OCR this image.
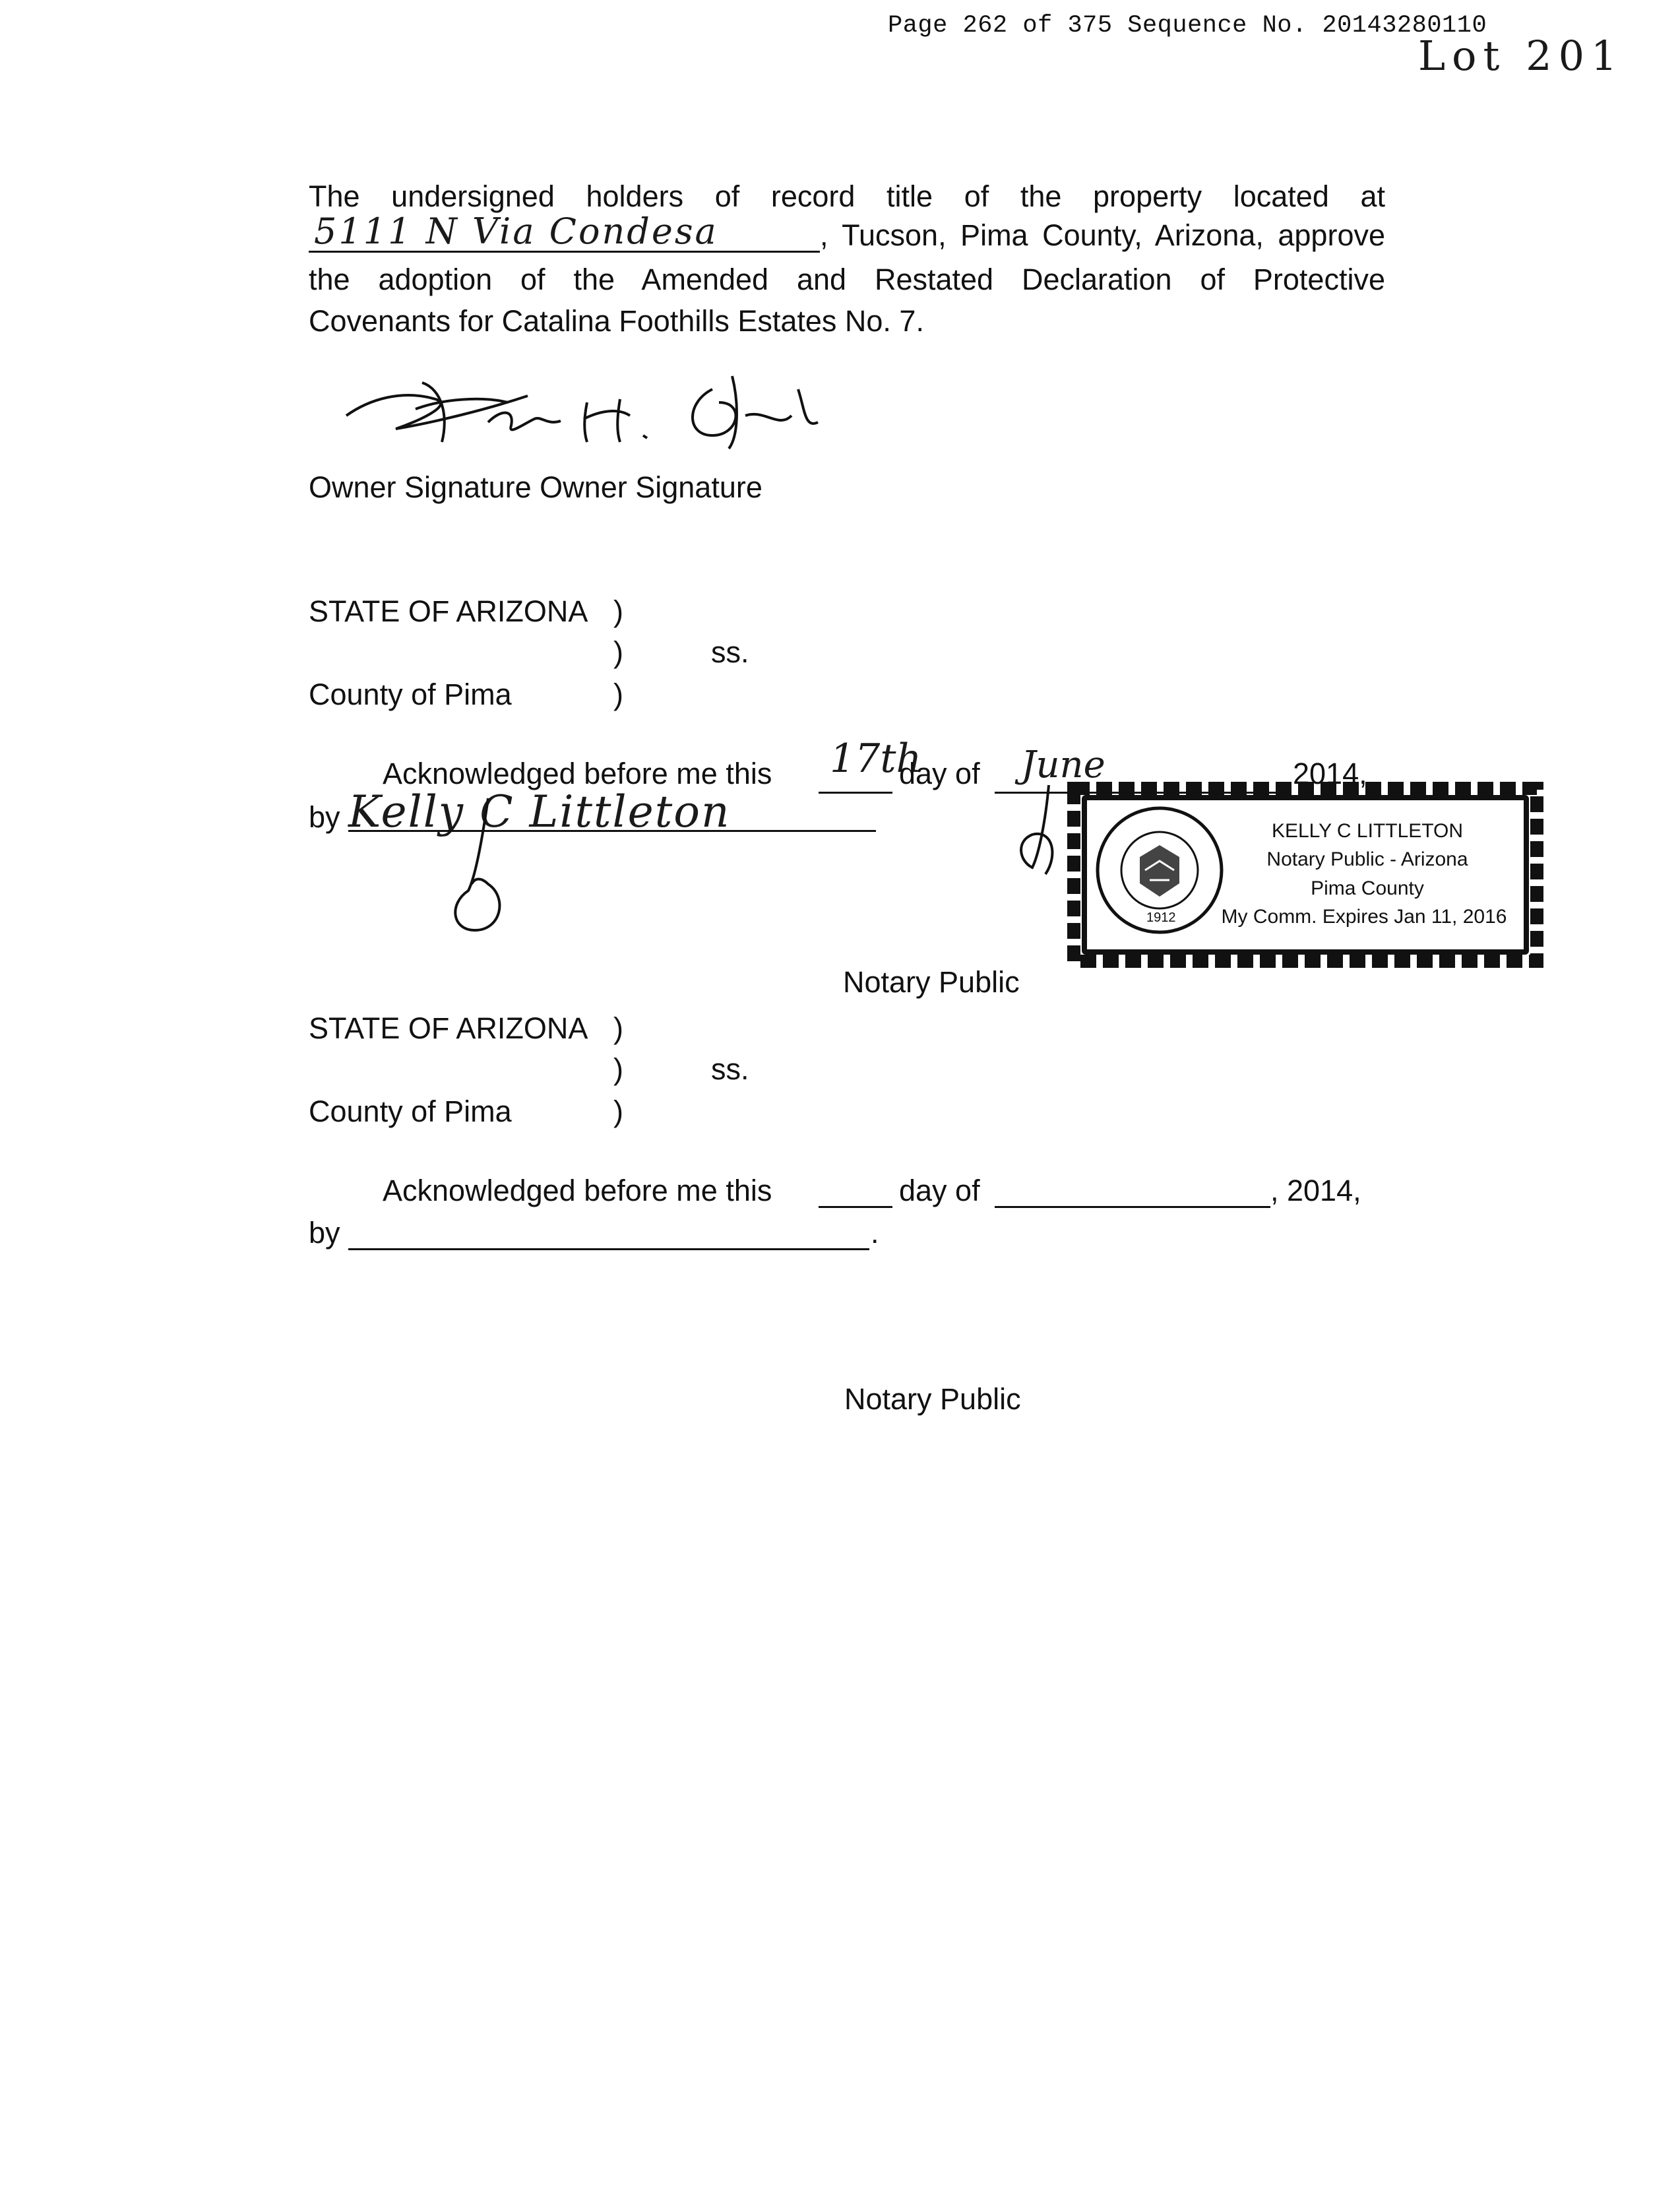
Page 262 of 375 Sequence No. 20143280110
Lot 201
The undersigned holders of record title of the property located at
5111 N Via Condesa	, Tucson, Pima County, Arizona, approve
the adoption of the Amended and Restated Declaration of Protective
Covenants for Catalina Foothills Estates No. 7.
Owner Signature Owner Signature
STATE OF ARIZONA )
)	ss.
County of Pima	)
Acknowledged before me this 17th
day of June	2014,
by Kelly C Littleton
1912
KELLY C LITTLETON
Notary Public - Arizona
Pima County
My Comm. Expires Jan 11, 2016
Notary Public
STATE OF ARIZONA )
)	ss.
County of Pima	)
Acknowledged before me this	day of	, 2014,
by	.
Notary Public
